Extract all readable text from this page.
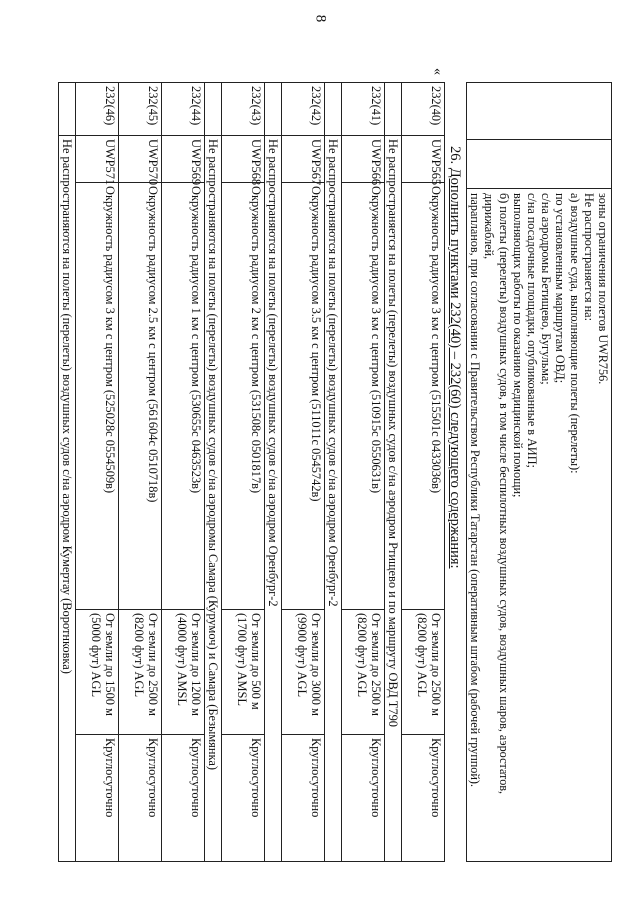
8

зоны ограничения полетов UWR756.

Не распространяется на:

а) воздушные суда, выполняющие полеты (перелеты):

по установленным маршрутам ОВД;

с/на аэродромы Бетищево, Бугульма;

с/на посадочные площадки, опубликованные в АИП;

выполняющих работы по оказанию медицинской помощи;

б) полеты (перелеты) воздушных судов, в том числе беспилотных воздушных судов, воздушных шаров, аэростатов, дирижаблей,

парапланов, при согласовании с Правительством Республики Татарстан (оперативным штабом (рабочей группой).

26. Дополнить пунктами 232(40) – 232(60) следующего содержания:
«
232(40)	UWP565	Окружность радиусом 3 км с центром (515501с 0433036в)	От земли до 2500 м (8200 фут) AGL	Круглосуточно
	Не распространяется на полеты (перелеты) воздушных судов с/на аэродром Ртищево и по маршруту ОВД Т790			
232(41)	UWP566	Окружность радиусом 3 км с центром (510915с 0550631в)	От земли до 2500 м (8200 фут) AGL	Круглосуточно
	Не распространяются на полеты (перелеты) воздушных судов с/на аэродром Оренбург-2			
232(42)	UWP567	Окружность радиусом 3.5 км с центром (511011с 0545742в)	От земли до 3000 м (9900 фут) AGL	Круглосуточно
	Не распространяются на полеты (перелеты) воздушных судов с/на аэродром Оренбург-2			
232(43)	UWP568	Окружность радиусом 2 км с центром (531508с 0501817в)	От земли до 500 м (1700 фут) AMSL	Круглосуточно
	Не распространяются на полеты (перелеты) воздушных судов с/на аэродромы Самара (Курумоч) и Самара (Безымянка)			
232(44)	UWP569	Окружность радиусом 1 км с центром (530655с 0463523в)	От земли до 1200 м (4000 фут) AMSL	Круглосуточно
232(45)	UWP570	Окружность радиусом 2.5 км с центром (561604с 0510718в)	От земли до 2500 м (8200 фут) AGL	Круглосуточно
232(46)	UWP571	Окружность радиусом 3 км с центром (525028с 0554509в)	От земли до 1500 м (5000 фут) AGL	Круглосуточно
	Не распространяются на полеты (перелеты) воздушных судов с/на аэродром Кумертау (Воротнковка)			
